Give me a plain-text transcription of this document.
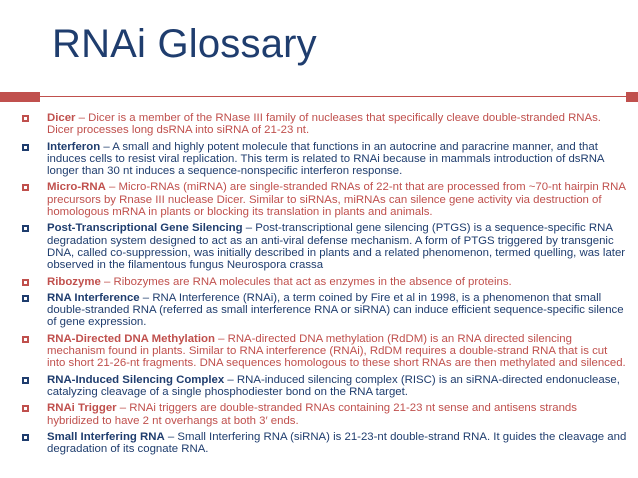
RNAi Glossary
Dicer – Dicer is a member of the RNase III family of nucleases that specifically cleave double-stranded RNAs. Dicer processes long dsRNA into siRNA of 21-23 nt.
Interferon – A small and highly potent molecule that functions in an autocrine and paracrine manner, and that induces cells to resist viral replication. This term is related to RNAi because in mammals introduction of dsRNA longer than 30 nt induces a sequence-nonspecific interferon response.
Micro-RNA – Micro-RNAs (miRNA) are single-stranded RNAs of 22-nt that are processed from ~70-nt hairpin RNA precursors by Rnase III nuclease Dicer. Similar to siRNAs, miRNAs can silence gene activity via destruction of homologous mRNA in plants or blocking its translation in plants and animals.
Post-Transcriptional Gene Silencing – Post-transcriptional gene silencing (PTGS) is a sequence-specific RNA degradation system designed to act as an anti-viral defense mechanism. A form of PTGS triggered by transgenic DNA, called co-suppression, was initially described in plants and a related phenomenon, termed quelling, was later observed in the filamentous fungus Neurospora crassa
Ribozyme – Ribozymes are RNA molecules that act as enzymes in the absence of proteins.
RNA Interference – RNA Interference (RNAi), a term coined by Fire et al in 1998, is a phenomenon that small double-stranded RNA (referred as small interference RNA or siRNA) can induce efficient sequence-specific silence of gene expression.
RNA-Directed DNA Methylation – RNA-directed DNA methylation (RdDM) is an RNA directed silencing mechanism found in plants. Similar to RNA interference (RNAi), RdDM requires a double-strand RNA that is cut into short 21-26-nt fragments. DNA sequences homologous to these short RNAs are then methylated and silenced.
RNA-Induced Silencing Complex – RNA-induced silencing complex (RISC) is an siRNA-directed endonuclease, catalyzing cleavage of a single phosphodiester bond on the RNA target.
RNAi Trigger – RNAi triggers are double-stranded RNAs containing 21-23 nt sense and antisens strands hybridized to have 2 nt overhangs at both 3′ ends.
Small Interfering RNA – Small Interfering RNA (siRNA) is 21-23-nt double-strand RNA. It guides the cleavage and degradation of its cognate RNA.
